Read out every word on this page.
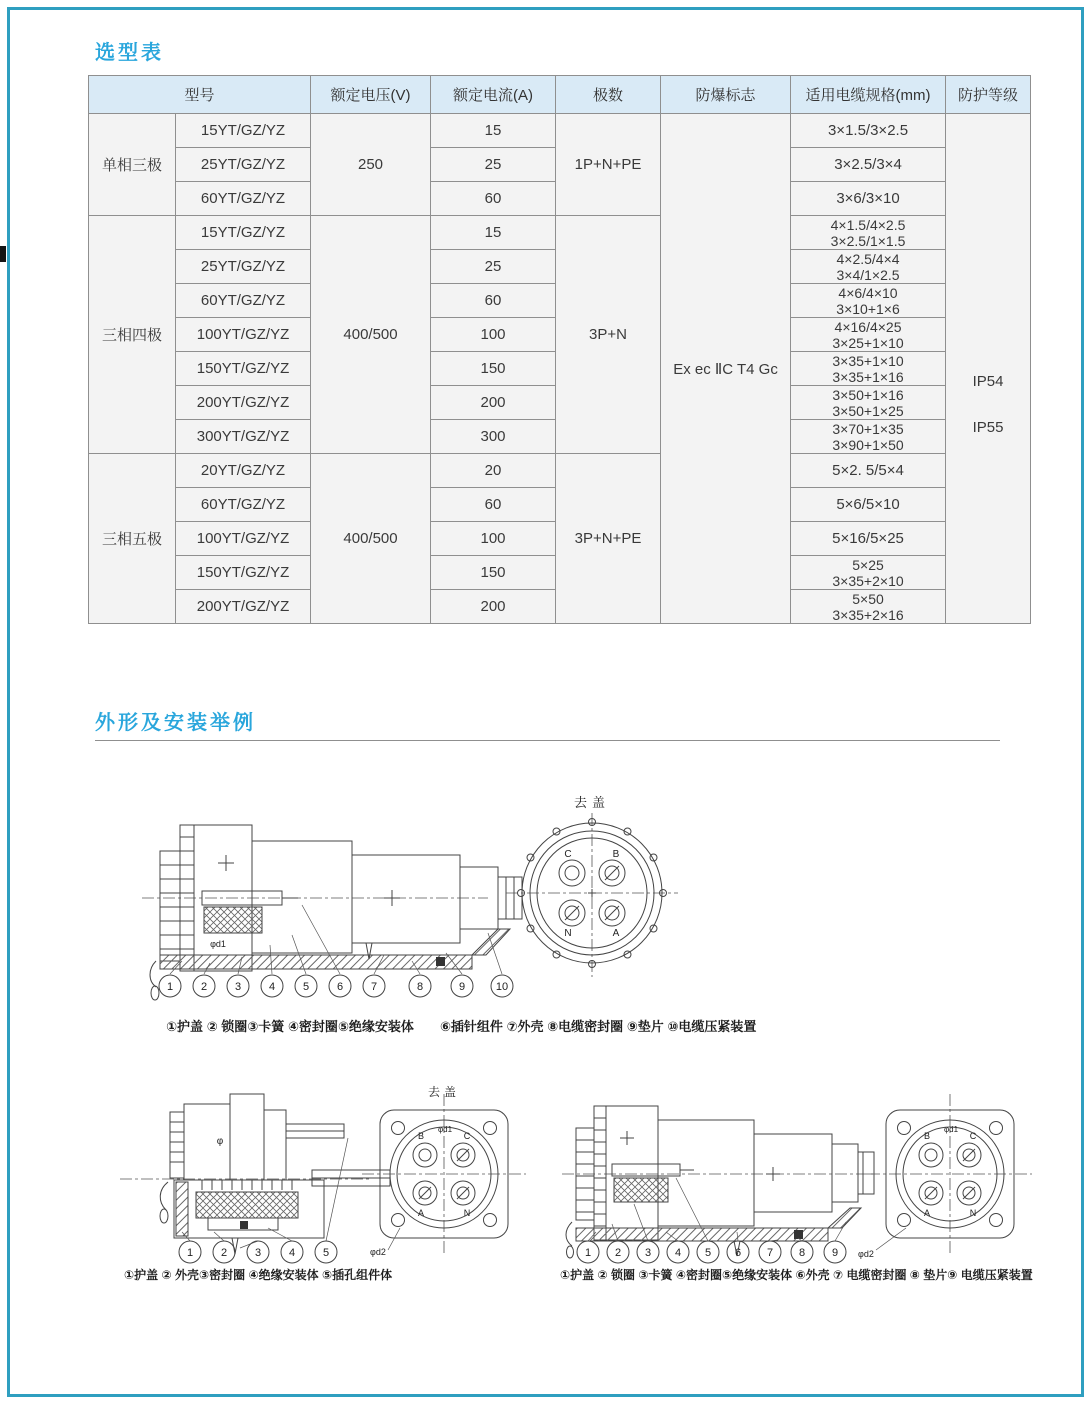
选型表
型号		额定电压(V)	额定电流(A)	极数	防爆标志	适用电缆规格(mm)	防护等级
单相三极	15YT/GZ/YZ	250	15	1P+N+PE	Ex ec ⅡC T4 Gc	3×1.5/3×2.5	IP54
IP55

	25YT/GZ/YZ		25			3×2.5/3×4	

	60YT/GZ/YZ		60			3×6/3×10	

三相四极	15YT/GZ/YZ	400/500	15	3P+N		4×1.5/4×2.5
3×2.5/1×1.5	

	25YT/GZ/YZ		25			4×2.5/4×4
3×4/1×2.5	

	60YT/GZ/YZ		60			4×6/4×10
3×10+1×6	

	100YT/GZ/YZ		100			4×16/4×25
3×25+1×10	

	150YT/GZ/YZ		150			3×35+1×10
3×35+1×16	

	200YT/GZ/YZ		200			3×50+1×16
3×50+1×25	

	300YT/GZ/YZ		300			3×70+1×35
3×90+1×50	

三相五极	20YT/GZ/YZ	400/500	20	3P+N+PE		5×2. 5/5×4	

	60YT/GZ/YZ		60			5×6/5×10	

	100YT/GZ/YZ		100			5×16/5×25	

	150YT/GZ/YZ		150			5×25
3×35+2×10	

	200YT/GZ/YZ		200			5×50
3×35+2×16	
外形及安装举例
φd1
1	2	3	4	5	6	7	8	9	10
C	B
N	A
去盖
①护盖 ② 锁圈③卡簧 ④密封圈⑤绝缘安装体　　⑥插针组件 ⑦外壳 ⑧电缆密封圈 ⑨垫片 ⑩电缆压紧装置
φ
1	2	3	4	5
B	C
A	N
φd1
去盖
φd2
①护盖 ② 外壳③密封圈 ④绝缘安装体 ⑤插孔组件体
1 2 3 4 5 6 7 8 9
B	C
A	N
φd1
φd2
①护盖 ② 锁圈 ③卡簧 ④密封圈⑤绝缘安装体 ⑥外壳 ⑦ 电缆密封圈 ⑧ 垫片⑨ 电缆压紧装置
